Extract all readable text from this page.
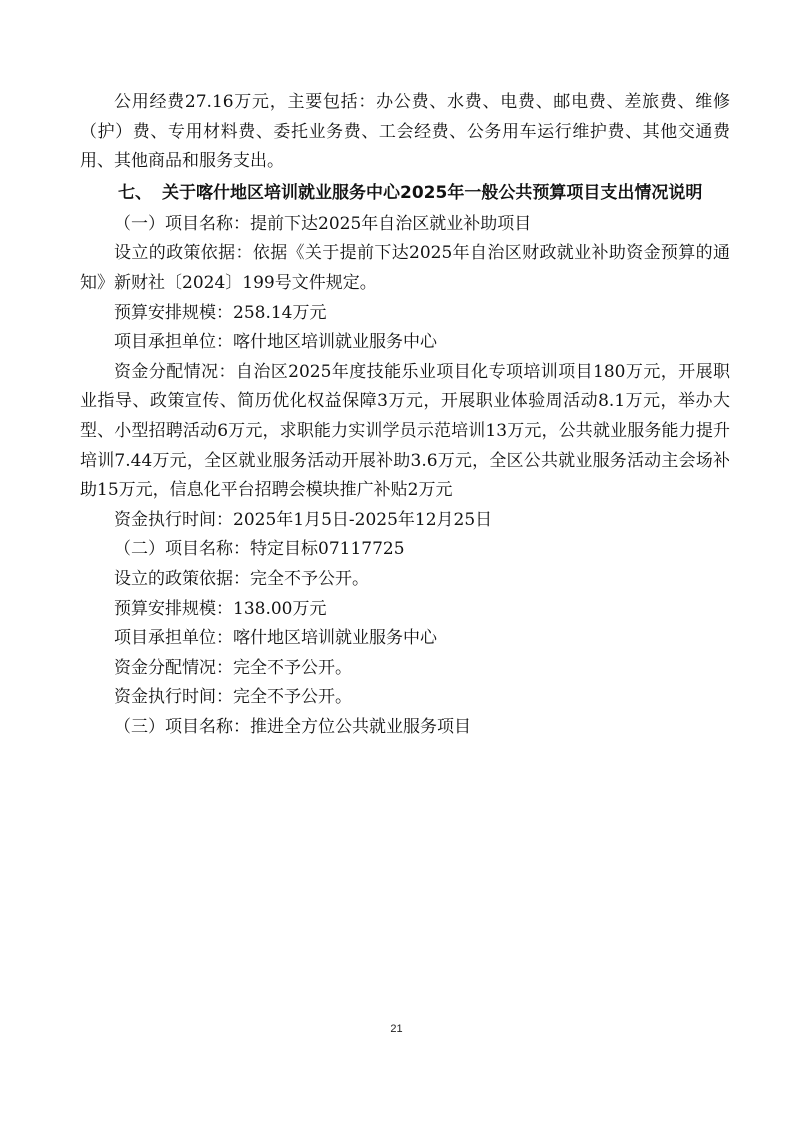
公用经费27.16万元，主要包括：办公费、水费、电费、邮电费、差旅费、维修（护）费、专用材料费、委托业务费、工会经费、公务用车运行维护费、其他交通费用、其他商品和服务支出。

七、 关于喀什地区培训就业服务中心2025年一般公共预算项目支出情况说明

（一）项目名称：提前下达2025年自治区就业补助项目

设立的政策依据：依据《关于提前下达2025年自治区财政就业补助资金预算的通知》新财社〔2024〕199号文件规定。

预算安排规模：258.14万元

项目承担单位：喀什地区培训就业服务中心

资金分配情况：自治区2025年度技能乐业项目化专项培训项目180万元，开展职业指导、政策宣传、简历优化权益保障3万元，开展职业体验周活动8.1万元，举办大型、小型招聘活动6万元，求职能力实训学员示范培训13万元，公共就业服务能力提升培训7.44万元，全区就业服务活动开展补助3.6万元，全区公共就业服务活动主会场补助15万元，信息化平台招聘会模块推广补贴2万元

资金执行时间：2025年1月5日-2025年12月25日

（二）项目名称：特定目标07117725

设立的政策依据：完全不予公开。

预算安排规模：138.00万元

项目承担单位：喀什地区培训就业服务中心

资金分配情况：完全不予公开。

资金执行时间：完全不予公开。

（三）项目名称：推进全方位公共就业服务项目

21
